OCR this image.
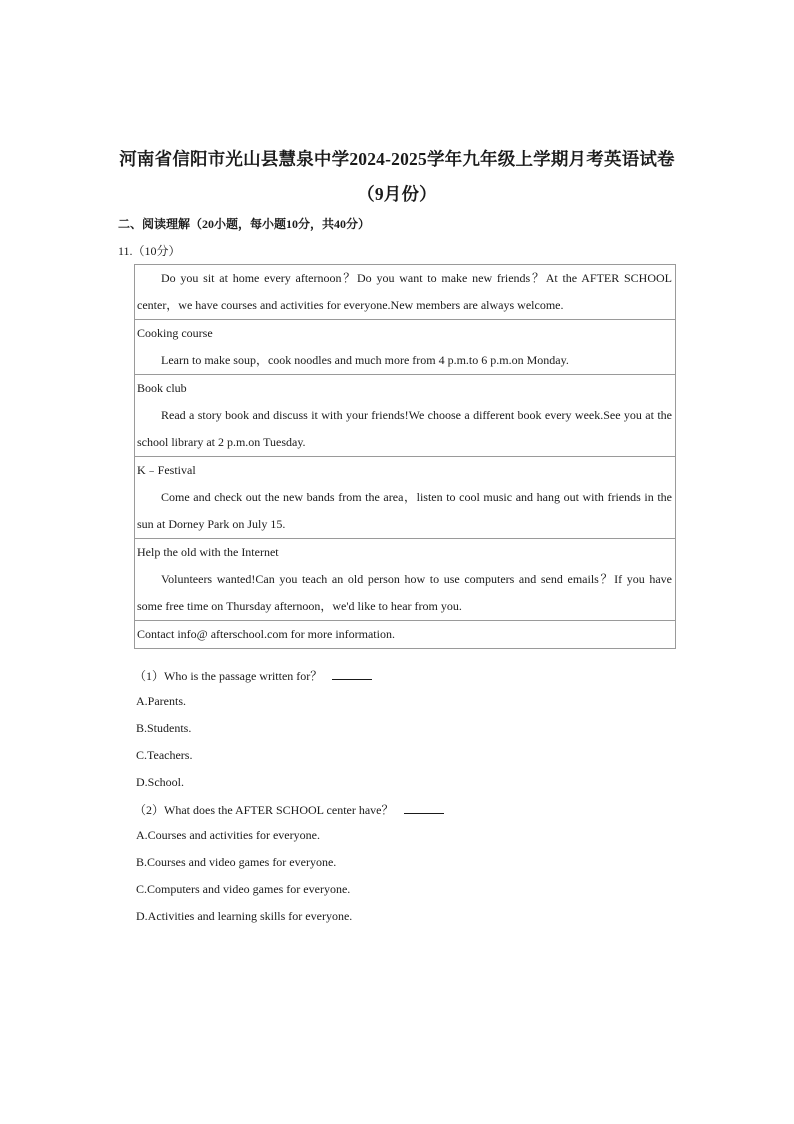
河南省信阳市光山县慧泉中学2024-2025学年九年级上学期月考英语试卷
（9月份）
二、阅读理解（20小题，每小题10分，共40分）
11.（10分）
Do you sit at home every afternoon？Do you want to make new friends？At the AFTER SCHOOL
center，we have courses and activities for everyone.New members are always welcome.

Cooking course
Learn to make soup，cook noodles and much more from 4 p.m.to 6 p.m.on Monday.

Book club
Read a story book and discuss it with your friends!We choose a different book every week.See you at the
school library at 2 p.m.on Tuesday.

K﹣Festival
Come and check out the new bands from the area，listen to cool music and hang out with friends in the
sun at Dorney Park on July 15.

Help the old with the Internet
Volunteers wanted!Can you teach an old person how to use computers and send emails？If you have
some free time on Thursday afternoon，we'd like to hear from you.

Contact info@ afterschool.com for more information.
（1）Who is the passage written for？
A.Parents.
B.Students.
C.Teachers.
D.School.
（2）What does the AFTER SCHOOL center have？
A.Courses and activities for everyone.
B.Courses and video games for everyone.
C.Computers and video games for everyone.
D.Activities and learning skills for everyone.
